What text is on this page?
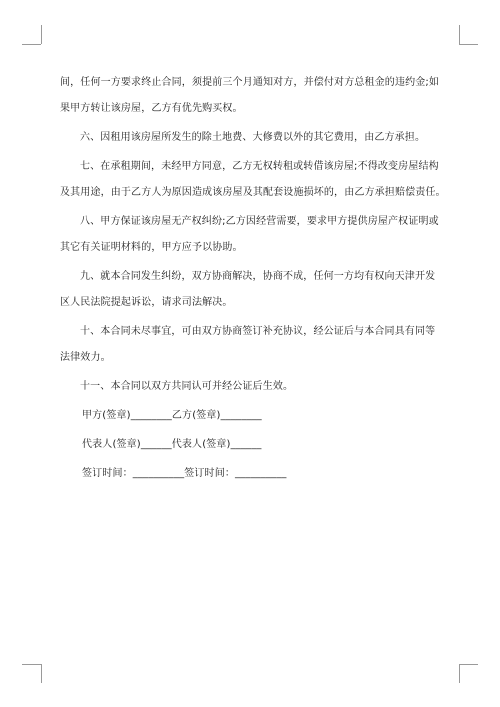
间，任何一方要求终止合同，须提前三个月通知对方，并偿付对方总租金的违约金;如
果甲方转让该房屋，乙方有优先购买权。
六、因租用该房屋所发生的除土地费、大修费以外的其它费用，由乙方承担。
七、在承租期间，未经甲方同意，乙方无权转租或转借该房屋;不得改变房屋结构
及其用途，由于乙方人为原因造成该房屋及其配套设施损坏的，由乙方承担赔偿责任。
八、甲方保证该房屋无产权纠纷;乙方因经营需要，要求甲方提供房屋产权证明或
其它有关证明材料的，甲方应予以协助。
九、就本合同发生纠纷，双方协商解决，协商不成，任何一方均有权向天津开发
区人民法院提起诉讼，请求司法解决。
十、本合同未尽事宜，可由双方协商签订补充协议，经公证后与本合同具有同等
法律效力。
十一、本合同以双方共同认可并经公证后生效。
甲方(签章)________乙方(签章)________
代表人(签章)______代表人(签章)______
签订时间：__________签订时间：__________
